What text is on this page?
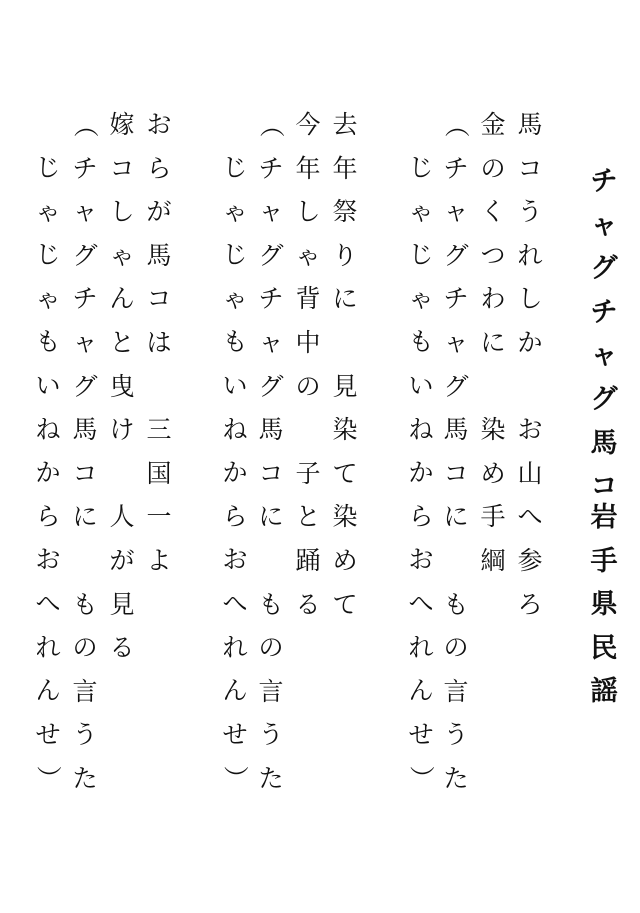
チ
ャ
グ
チ
ャ
グ
馬
コ
岩
手
県
民
謡
馬
コ
う
れ
し
か
お
山
へ
参
ろ
金
の
く
つ
わ
に
染
め
手
綱
（
チ
ャ
グ
チ
ャ
グ
馬
コ
に
も
の
言
う
た
じ
ゃ
じ
ゃ
も
い
ね
か
ら
お
へ
れ
ん
せ
）
去
年
祭
り
に
見
染
て
染
め
て
今
年
し
ゃ
背
中
の
子
と
踊
る
（
チ
ャ
グ
チ
ャ
グ
馬
コ
に
も
の
言
う
た
じ
ゃ
じ
ゃ
も
い
ね
か
ら
お
へ
れ
ん
せ
）
お
ら
が
馬
コ
は
三
国
一
よ
嫁
コ
し
ゃ
ん
と
曳
け
人
が
見
る
（
チ
ャ
グ
チ
ャ
グ
馬
コ
に
も
の
言
う
た
じ
ゃ
じ
ゃ
も
い
ね
か
ら
お
へ
れ
ん
せ
）
